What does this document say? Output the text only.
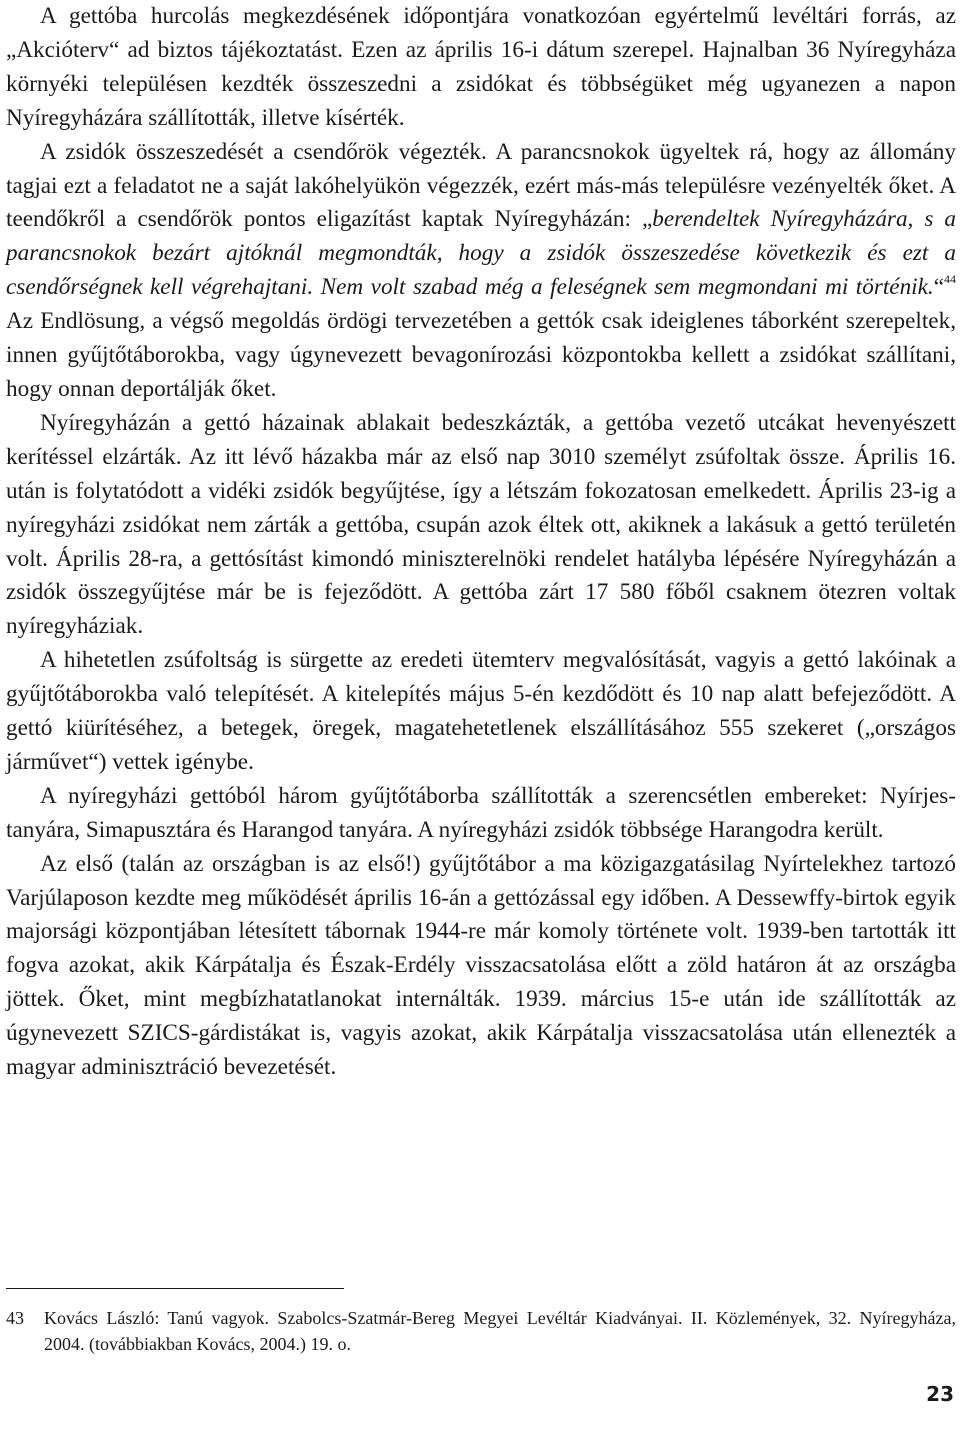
A gettóba hurcolás megkezdésének időpontjára vonatkozóan egyértelmű levéltári forrás, az „Akcióterv“ ad biztos tájékoztatást. Ezen az április 16-i dátum szerepel. Hajnalban 36 Nyíregyháza környéki településen kezdték összeszedni a zsidókat és többségüket még ugyanezen a napon Nyíregyházára szállították, illetve kísérték.

A zsidók összeszedését a csendőrök végezték. A parancsnokok ügyeltek rá, hogy az állomány tagjai ezt a feladatot ne a saját lakóhelyükön végezzék, ezért más-más településre vezényelték őket. A teendőkről a csendőrök pontos eligazítást kaptak Nyíregyházán: „berendeltek Nyíregyházára, s a parancsnokok bezárt ajtóknál megmondták, hogy a zsidók összeszedése következik és ezt a csendőrségnek kell végrehajtani. Nem volt szabad még a feleségnek sem megmondani mi történik.“$^{44}$ Az Endlösung, a végső megoldás ördögi tervezetében a gettók csak ideiglenes táborként szerepeltek, innen gyűjtőtáborokba, vagy úgynevezett bevagonírozási központokba kellett a zsidókat szállítani, hogy onnan deportálják őket.

Nyíregyházán a gettó házainak ablakait bedeszkázták, a gettóba vezető utcákat hevenyészett kerítéssel elzárták. Az itt lévő házakba már az első nap 3010 személyt zsúfoltak össze. Április 16. után is folytatódott a vidéki zsidók begyűjtése, így a létszám fokozatosan emelkedett. Április 23-ig a nyíregyházi zsidókat nem zárták a gettóba, csupán azok éltek ott, akiknek a lakásuk a gettó területén volt. Április 28-ra, a gettósítást kimondó miniszterelnöki rendelet hatályba lépésére Nyíregyházán a zsidók összegyűjtése már be is fejeződött. A gettóba zárt 17 580 főből csaknem ötezren voltak nyíregyháziak.

A hihetetlen zsúfoltság is sürgette az eredeti ütemterv megvalósítását, vagyis a gettó lakóinak a gyűjtőtáborokba való telepítését. A kitelepítés május 5-én kezdődött és 10 nap alatt befejeződött. A gettó kiürítéséhez, a betegek, öregek, magatehetetlenek elszállításához 555 szekeret („országos járművet“) vettek igénybe.

A nyíregyházi gettóból három gyűjtőtáborba szállították a szerencsétlen embereket: Nyírjes-tanyára, Simapusztára és Harangod tanyára. A nyíregyházi zsidók többsége Harangodra került.

Az első (talán az országban is az első!) gyűjtőtábor a ma közigazgatásilag Nyírtelekhez tartozó Varjúlaposon kezdte meg működését április 16-án a gettózással egy időben. A Dessewffy-birtok egyik majorsági központjában létesített tábornak 1944-re már komoly története volt. 1939-ben tartották itt fogva azokat, akik Kárpátalja és Észak-Erdély visszacsatolása előtt a zöld határon át az országba jöttek. Őket, mint megbízhatatlanokat internálták. 1939. március 15-e után ide szállították az úgynevezett SZICS-gárdistákat is, vagyis azokat, akik Kárpátalja visszacsatolása után ellenezték a magyar adminisztráció bevezetését.

43	Kovács László: Tanú vagyok. Szabolcs-Szatmár-Bereg Megyei Levéltár Kiadványai. II. Közlemények, 32. Nyíregyháza, 2004. (továbbiakban Kovács, 2004.) 19. o.
23
